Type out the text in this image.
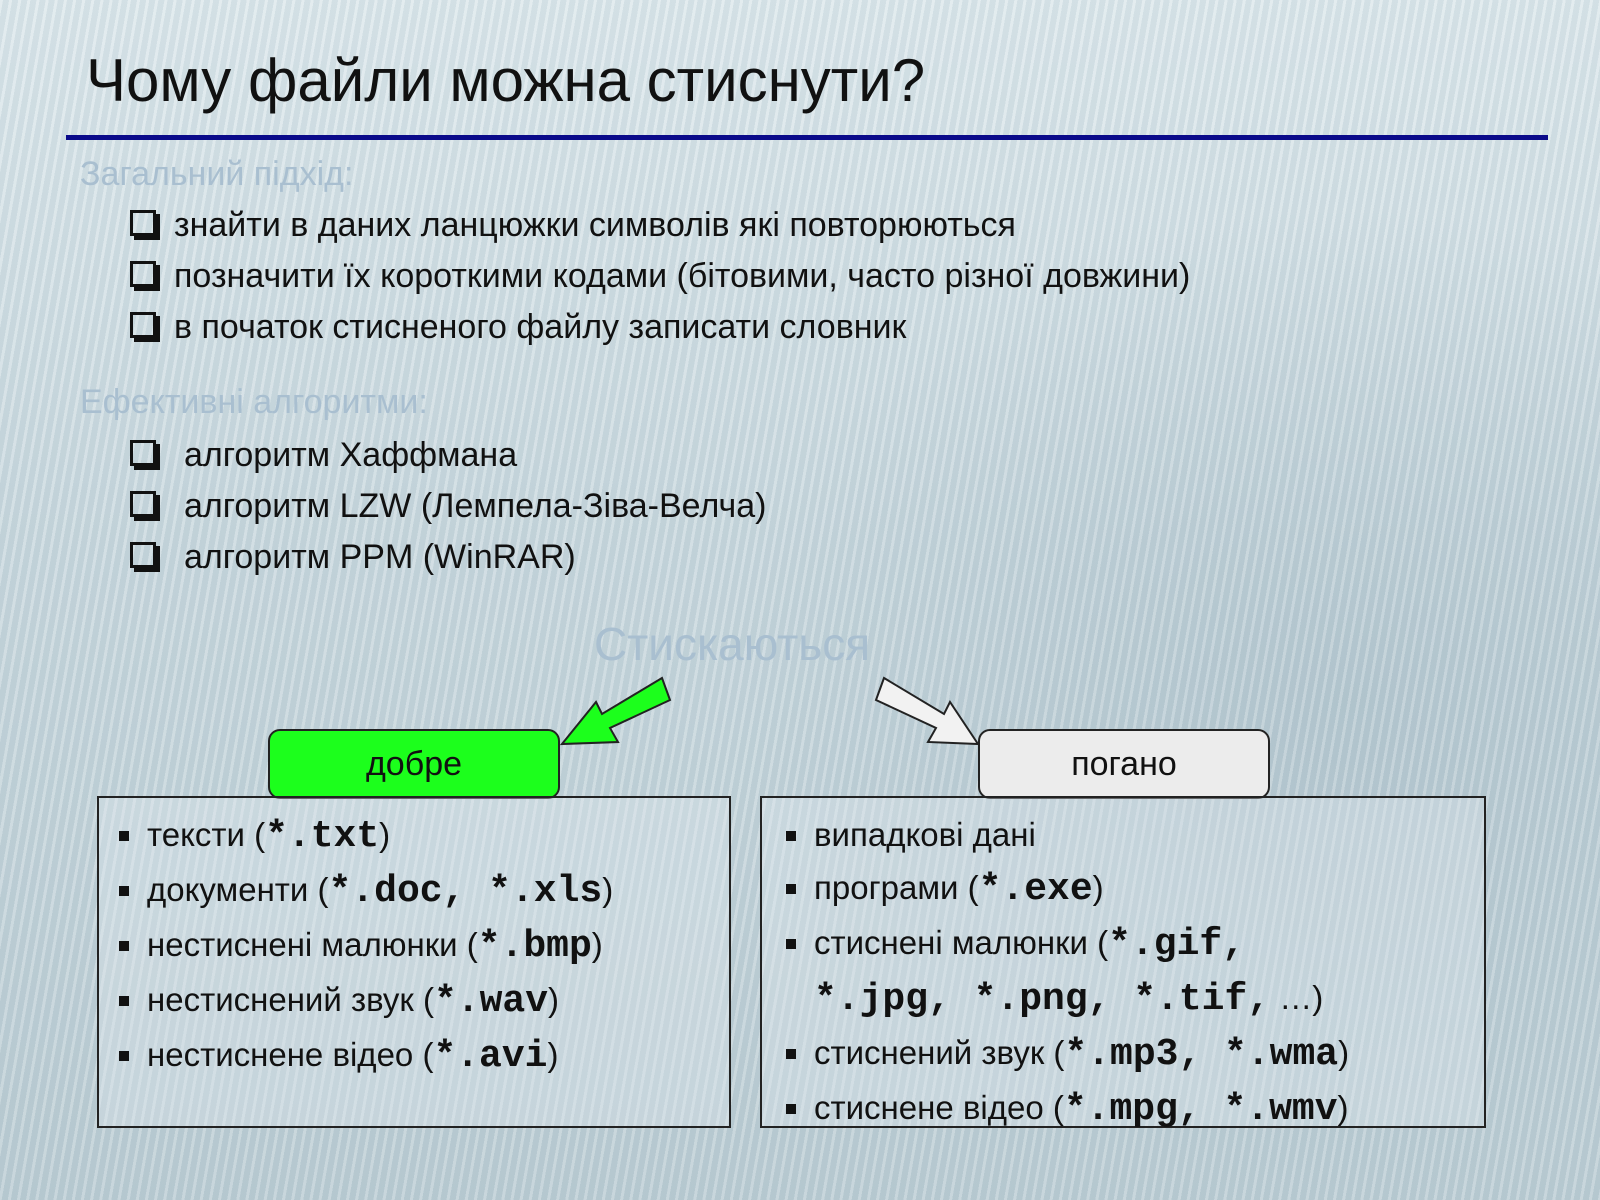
Чому файли можна стиснути?
Загальний підхід:
знайти в даних ланцюжки символів які повторюються
позначити їх короткими кодами (бітовими, часто різної довжини)
в початок стисненого файлу записати словник
Ефективні алгоритми:
алгоритм Хаффмана
алгоритм LZW (Лемпела-Зіва-Велча)
алгоритм PPM (WinRAR)
Стискаються
добре	погано
тексти (*.txt)
документи (*.doc, *.xls)
нестиснені малюнки (*.bmp)
нестиснений звук (*.wav)
нестиснене відео (*.avi)
випадкові дані
програми (*.exe)
стиснені малюнки (*.gif,
*.jpg, *.png, *.tif, …)
стиснений звук (*.mp3, *.wma)
стиснене відео (*.mpg, *.wmv)
